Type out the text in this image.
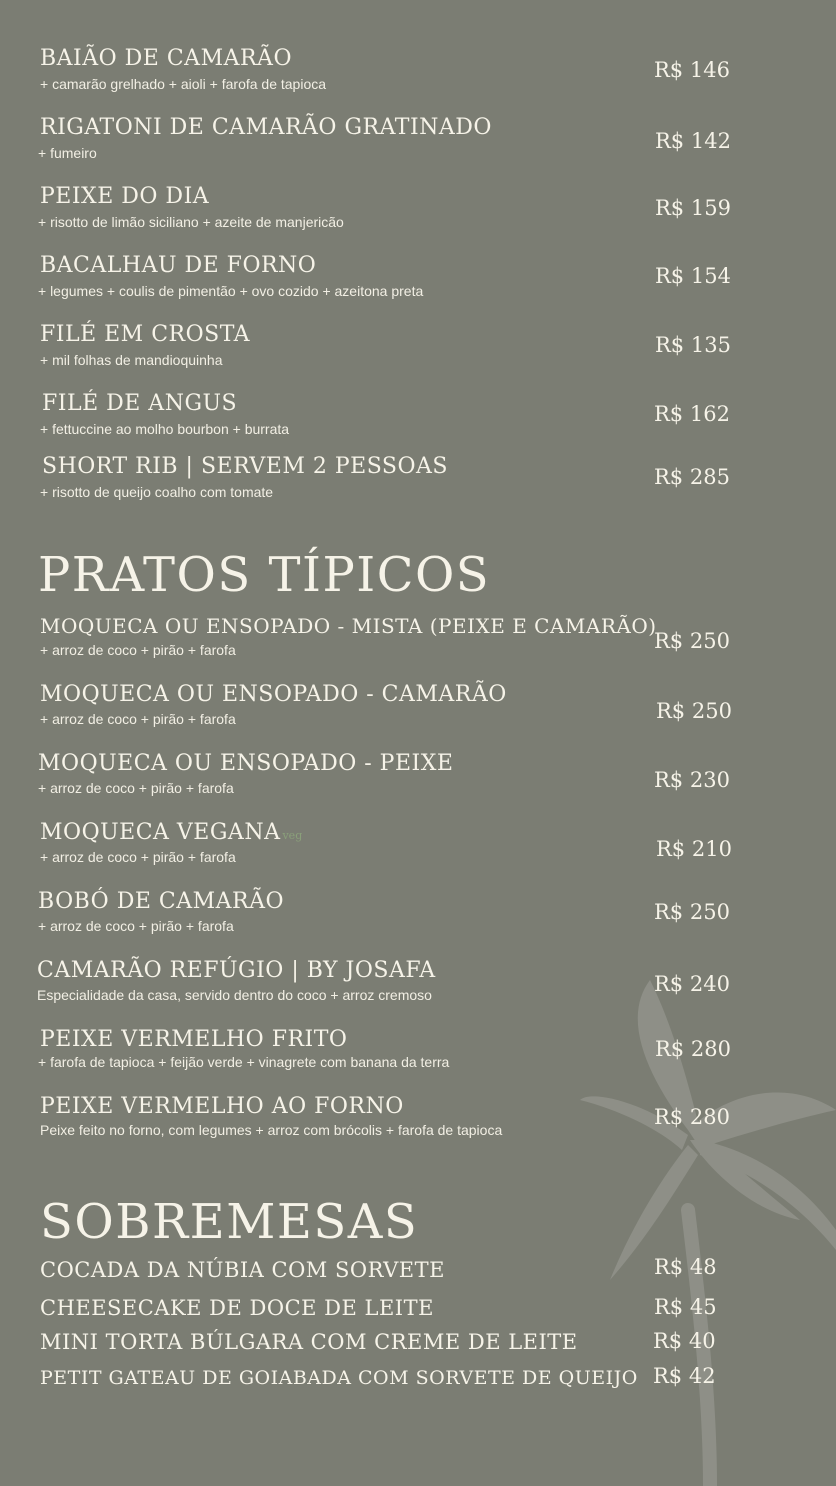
BAIÃO DE CAMARÃO
+ camarão grelhado + aioli + farofa de tapioca
R$ 146
RIGATONI DE CAMARÃO GRATINADO
+ fumeiro	R$ 142
PEIXE DO DIA
+ risotto de limão siciliano + azeite de manjericão
R$ 159
BACALHAU DE FORNO
+ legumes + coulis de pimentão + ovo cozido + azeitona preta
R$ 154
FILÉ EM CROSTA
+ mil folhas de mandioquinha
R$ 135
FILÉ DE ANGUS
+ fettuccine ao molho bourbon + burrata
R$ 162
SHORT RIB | SERVEM 2 PESSOAS
+ risotto de queijo coalho com tomate
R$ 285
PRATOS TÍPICOS
MOQUECA OU ENSOPADO - MISTA (PEIXE E CAMARÃO)
+ arroz de coco + pirão + farofa	R$ 250
MOQUECA OU ENSOPADO - CAMARÃO
+ arroz de coco + pirão + farofa	R$ 250
MOQUECA OU ENSOPADO - PEIXE
+ arroz de coco + pirão + farofa	R$ 230
MOQUECA VEGANA veg
+ arroz de coco + pirão + farofa	R$ 210
BOBÓ DE CAMARÃO
+ arroz de coco + pirão + farofa
R$ 250
CAMARÃO REFÚGIO | BY JOSAFA
Especialidade da casa, servido dentro do coco + arroz cremoso	R$ 240
PEIXE VERMELHO FRITO
+ farofa de tapioca + feijão verde + vinagrete com banana da terra
R$ 280
PEIXE VERMELHO AO FORNO
Peixe feito no forno, com legumes + arroz com brócolis + farofa de tapioca
R$ 280
SOBREMESAS
COCADA DA NÚBIA COM SORVETE	R$ 48
CHEESECAKE DE DOCE DE LEITE	R$ 45
MINI TORTA BÚLGARA COM CREME DE LEITE	R$ 40
PETIT GATEAU DE GOIABADA COM SORVETE DE QUEIJO R$ 42
